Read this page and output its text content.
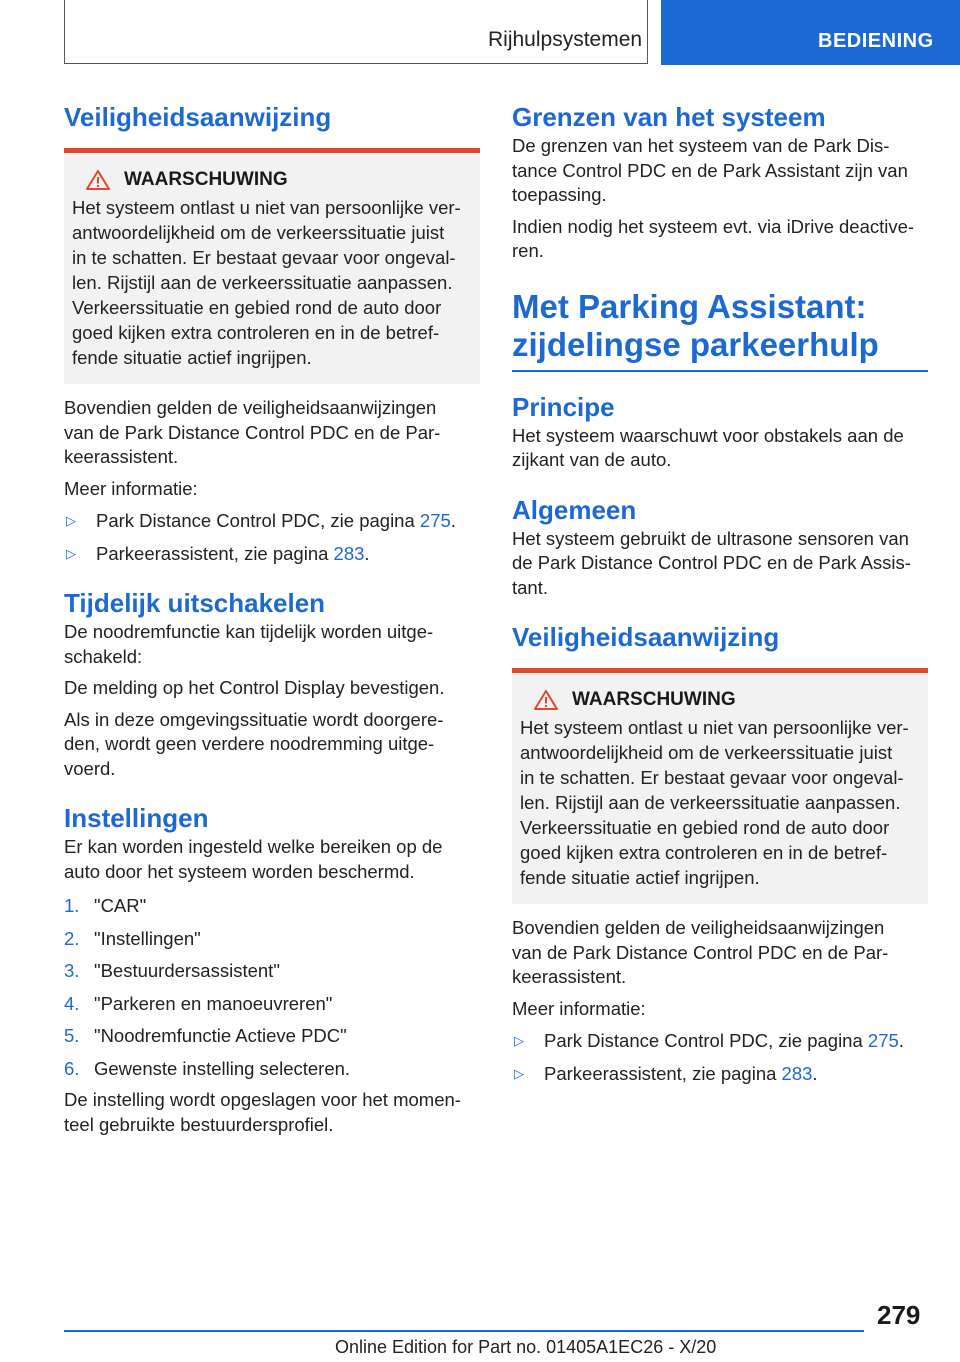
Rijhulpsystemen	BEDIENING
Veiligheidsaanwijzing
WAARSCHUWING

Het systeem ontlast u niet van persoonlijke ver-
antwoordelijkheid om de verkeerssituatie juist
in te schatten. Er bestaat gevaar voor ongeval-
len. Rijstijl aan de verkeerssituatie aanpassen.
Verkeerssituatie en gebied rond de auto door
goed kijken extra controleren en in de betref-
fende situatie actief ingrijpen.

Bovendien gelden de veiligheidsaanwijzingen
van de Park Distance Control PDC en de Par-
keerassistent.

Meer informatie:

▷	Park Distance Control PDC, zie pagina 275.
▷	Parkeerassistent, zie pagina 283.
Tijdelijk uitschakelen

De noodremfunctie kan tijdelijk worden uitge-
schakeld:

De melding op het Control Display bevestigen.

Als in deze omgevingssituatie wordt doorgere-
den, wordt geen verdere noodremming uitge-
voerd.

Instellingen

Er kan worden ingesteld welke bereiken op de
auto door het systeem worden beschermd.

1. "CAR"
2. "Instellingen"
3. "Bestuurdersassistent"
4. "Parkeren en manoeuvreren"
5. "Noodremfunctie Actieve PDC"
6. Gewenste instelling selecteren.

De instelling wordt opgeslagen voor het momen-
teel gebruikte bestuurdersprofiel.

Grenzen van het systeem

De grenzen van het systeem van de Park Dis-
tance Control PDC en de Park Assistant zijn van
toepassing.

Indien nodig het systeem evt. via iDrive deactive-
ren.

Met Parking Assistant:
zijdelingse parkeerhulp
Principe

Het systeem waarschuwt voor obstakels aan de
zijkant van de auto.

Algemeen

Het systeem gebruikt de ultrasone sensoren van
de Park Distance Control PDC en de Park Assis-
tant.

Veiligheidsaanwijzing
WAARSCHUWING

Het systeem ontlast u niet van persoonlijke ver-
antwoordelijkheid om de verkeerssituatie juist
in te schatten. Er bestaat gevaar voor ongeval-
len. Rijstijl aan de verkeerssituatie aanpassen.
Verkeerssituatie en gebied rond de auto door
goed kijken extra controleren en in de betref-
fende situatie actief ingrijpen.

Bovendien gelden de veiligheidsaanwijzingen
van de Park Distance Control PDC en de Par-
keerassistent.

Meer informatie:

▷	Park Distance Control PDC, zie pagina 275.
▷	Parkeerassistent, zie pagina 283.
279
Online Edition for Part no. 01405A1EC26 - X/20
